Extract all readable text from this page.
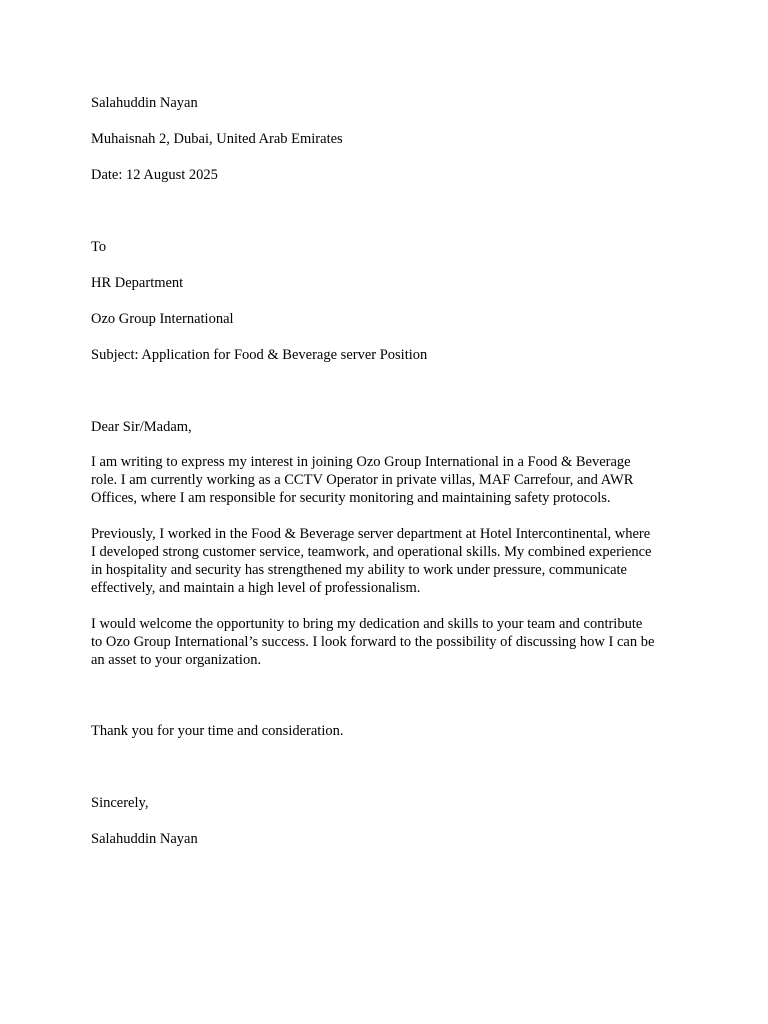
Salahuddin Nayan
Muhaisnah 2, Dubai, United Arab Emirates
Date: 12 August 2025
To
HR Department
Ozo Group International
Subject: Application for Food & Beverage server Position
Dear Sir/Madam,
I am writing to express my interest in joining Ozo Group International in a Food & Beverage
role. I am currently working as a CCTV Operator in private villas, MAF Carrefour, and AWR
Offices, where I am responsible for security monitoring and maintaining safety protocols.
Previously, I worked in the Food & Beverage server department at Hotel Intercontinental, where
I developed strong customer service, teamwork, and operational skills. My combined experience
in hospitality and security has strengthened my ability to work under pressure, communicate
effectively, and maintain a high level of professionalism.
I would welcome the opportunity to bring my dedication and skills to your team and contribute
to Ozo Group International’s success. I look forward to the possibility of discussing how I can be
an asset to your organization.
Thank you for your time and consideration.
Sincerely,
Salahuddin Nayan
